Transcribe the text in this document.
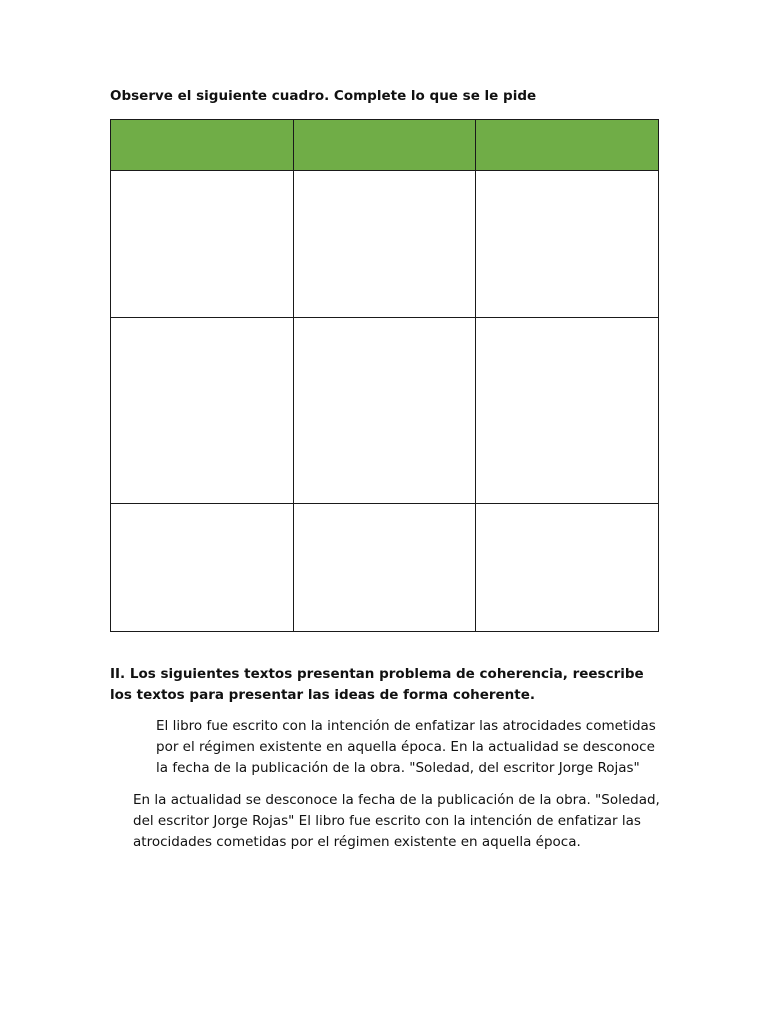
Observe el siguiente cuadro. Complete lo que se le pide

II. Los siguientes textos presentan problema de coherencia, reescribe los textos para presentar las ideas de forma coherente.
El libro fue escrito con la intención de enfatizar las atrocidades cometidas por el régimen existente en aquella época. En la actualidad se desconoce la fecha de la publicación de la obra. "Soledad, del escritor Jorge Rojas"
En la actualidad se desconoce la fecha de la publicación de la obra. "Soledad, del escritor Jorge Rojas" El libro fue escrito con la intención de enfatizar las atrocidades cometidas por el régimen existente en aquella época.
